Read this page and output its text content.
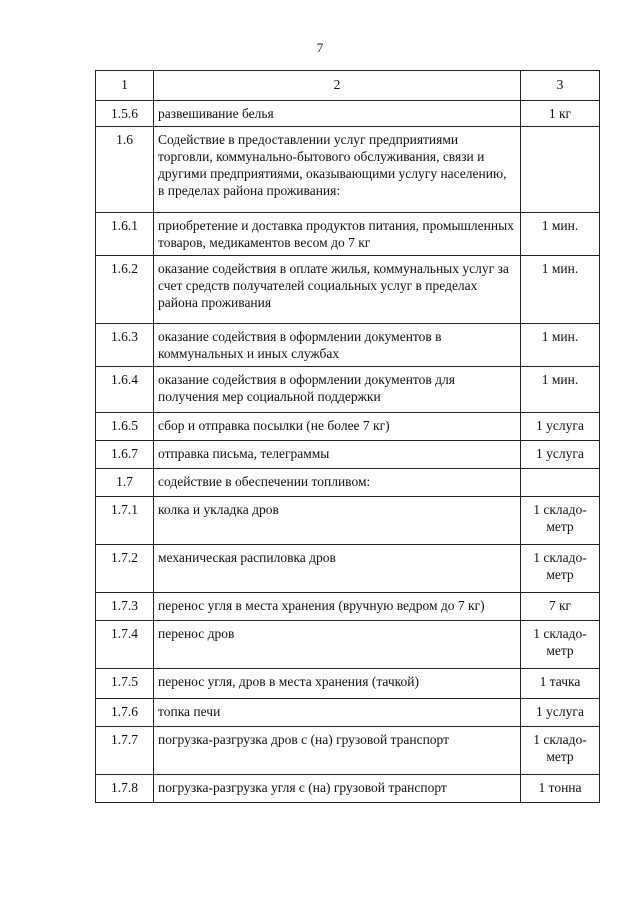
7
1	2	3
1.5.6	развешивание белья	1 кг
1.6	Содействие в предоставлении услуг предприятиями торговли, коммунально-бытового обслуживания, связи и другими предприятиями, оказывающими услугу населению, в пределах района проживания:	
1.6.1	приобретение и доставка продуктов питания, промышленных товаров, медикаментов весом до 7 кг	1 мин.
1.6.2	оказание содействия в оплате жилья, коммунальных услуг за счет средств получателей социальных услуг в пределах района проживания	1 мин.
1.6.3	оказание содействия в оформлении документов в коммунальных и иных службах	1 мин.
1.6.4	оказание содействия в оформлении документов для получения мер социальной поддержки	1 мин.
1.6.5	сбор и отправка посылки (не более 7 кг)	1 услуга
1.6.7	отправка письма, телеграммы	1 услуга
1.7	содействие в обеспечении топливом:	
1.7.1	колка и укладка дров	1 складо-метр
1.7.2	механическая распиловка дров	1 складо-метр
1.7.3	перенос угля в места хранения (вручную ведром до 7 кг)	7 кг
1.7.4	перенос дров	1 складо-метр
1.7.5	перенос угля, дров в места хранения (тачкой)	1 тачка
1.7.6	топка печи	1 услуга
1.7.7	погрузка-разгрузка дров с (на) грузовой транспорт	1 складо-метр
1.7.8	погрузка-разгрузка угля с (на) грузовой транспорт	1 тонна
